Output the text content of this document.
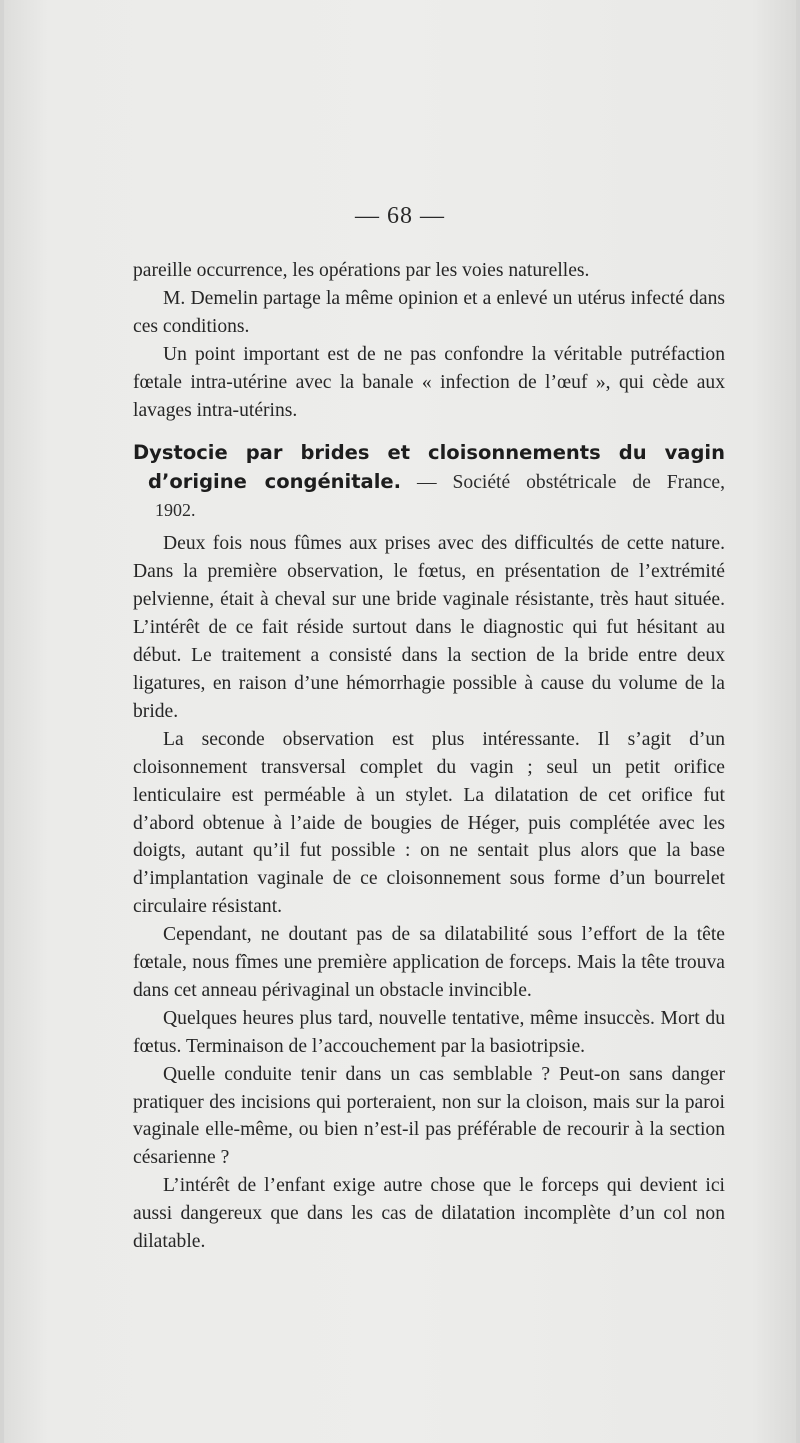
— 68 —

pareille occurrence, les opérations par les voies naturelles.

M. Demelin partage la même opinion et a enlevé un utérus infecté dans ces conditions.

Un point important est de ne pas confondre la véritable putréfaction fœtale intra-utérine avec la banale « infection de l’œuf », qui cède aux lavages intra-utérins.

Dystocie par brides et cloisonnements du vagin
d’origine congénitale. — Société obstétricale de France,
1902.

Deux fois nous fûmes aux prises avec des difficultés de cette nature. Dans la première observation, le fœtus, en présentation de l’extrémité pelvienne, était à cheval sur une bride vaginale résistante, très haut située. L’intérêt de ce fait réside surtout dans le diagnostic qui fut hésitant au début. Le traitement a consisté dans la section de la bride entre deux ligatures, en raison d’une hémorrhagie possible à cause du volume de la bride.

La seconde observation est plus intéressante. Il s’agit d’un cloisonnement transversal complet du vagin ; seul un petit orifice lenticulaire est perméable à un stylet. La dilatation de cet orifice fut d’abord obtenue à l’aide de bougies de Héger, puis complétée avec les doigts, autant qu’il fut possible : on ne sentait plus alors que la base d’implantation vaginale de ce cloisonnement sous forme d’un bourrelet circulaire résistant.

Cependant, ne doutant pas de sa dilatabilité sous l’effort de la tête fœtale, nous fîmes une première application de forceps. Mais la tête trouva dans cet anneau périvaginal un obstacle invincible.

Quelques heures plus tard, nouvelle tentative, même insuccès. Mort du fœtus. Terminaison de l’accouchement par la basiotripsie.

Quelle conduite tenir dans un cas semblable ? Peut-on sans danger pratiquer des incisions qui porteraient, non sur la cloison, mais sur la paroi vaginale elle-même, ou bien n’est-il pas préférable de recourir à la section césarienne ?

L’intérêt de l’enfant exige autre chose que le forceps qui devient ici aussi dangereux que dans les cas de dilatation incomplète d’un col non dilatable.
